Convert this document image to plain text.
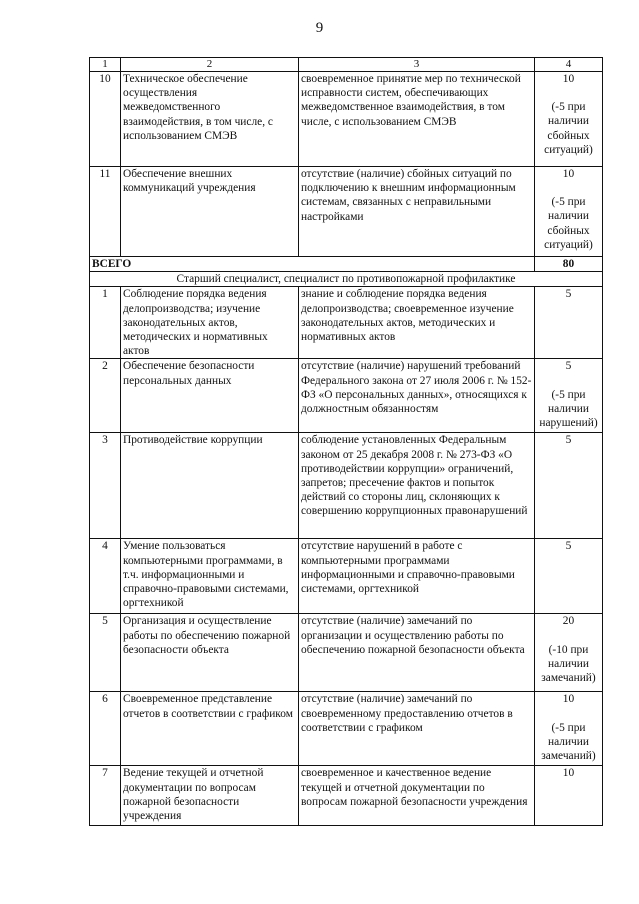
9
1	2	3	4
10	Техническое обеспечение осуществления межведомственного взаимодействия, в том числе, с использованием СМЭВ	своевременное принятие мер по технической исправности систем, обеспечивающих межведомственное взаимодействия, в том числе, с использованием СМЭВ	10
(-5 при наличии сбойных ситуаций)

11	Обеспечение внешних коммуникаций учреждения	отсутствие (наличие) сбойных ситуаций по подключению к внешним информационным системам, связанных с неправильными настройками	10
(-5 при наличии сбойных ситуаций)

ВСЕГО			80
Старший специалист, специалист по противопожарной профилактике			
1	Соблюдение порядка ведения делопроизводства; изучение законодательных актов, методических и нормативных актов	знание и соблюдение порядка ведения делопроизводства; своевременное изучение законодательных актов, методических и нормативных актов	5
2	Обеспечение безопасности персональных данных	отсутствие (наличие) нарушений требований Федерального закона от 27 июля 2006 г. № 152-ФЗ «О персональных данных», относящихся к должностным обязанностям	5
(-5 при наличии нарушений)

3	Противодействие коррупции	соблюдение установленных Федеральным законом от 25 декабря 2008 г. № 273-ФЗ «О противодействии коррупции» ограничений, запретов; пресечение фактов и попыток действий со стороны лиц, склоняющих к совершению коррупционных правонарушений	5
4	Умение пользоваться компьютерными программами, в т.ч. информационными и справочно-правовыми системами, оргтехникой	отсутствие нарушений в работе с компьютерными программами информационными и справочно-правовыми системами, оргтехникой	5
5	Организация и осуществление работы по обеспечению пожарной безопасности объекта	отсутствие (наличие) замечаний по организации и осуществлению работы по обеспечению пожарной безопасности объекта	20
(-10 при наличии замечаний)

6	Своевременное представление отчетов в соответствии с графиком	отсутствие (наличие) замечаний по своевременному предоставлению отчетов в соответствии с графиком	10
(-5 при наличии замечаний)

7	Ведение текущей и отчетной документации по вопросам пожарной безопасности учреждения	своевременное и качественное ведение текущей и отчетной документации по вопросам пожарной безопасности учреждения	10
